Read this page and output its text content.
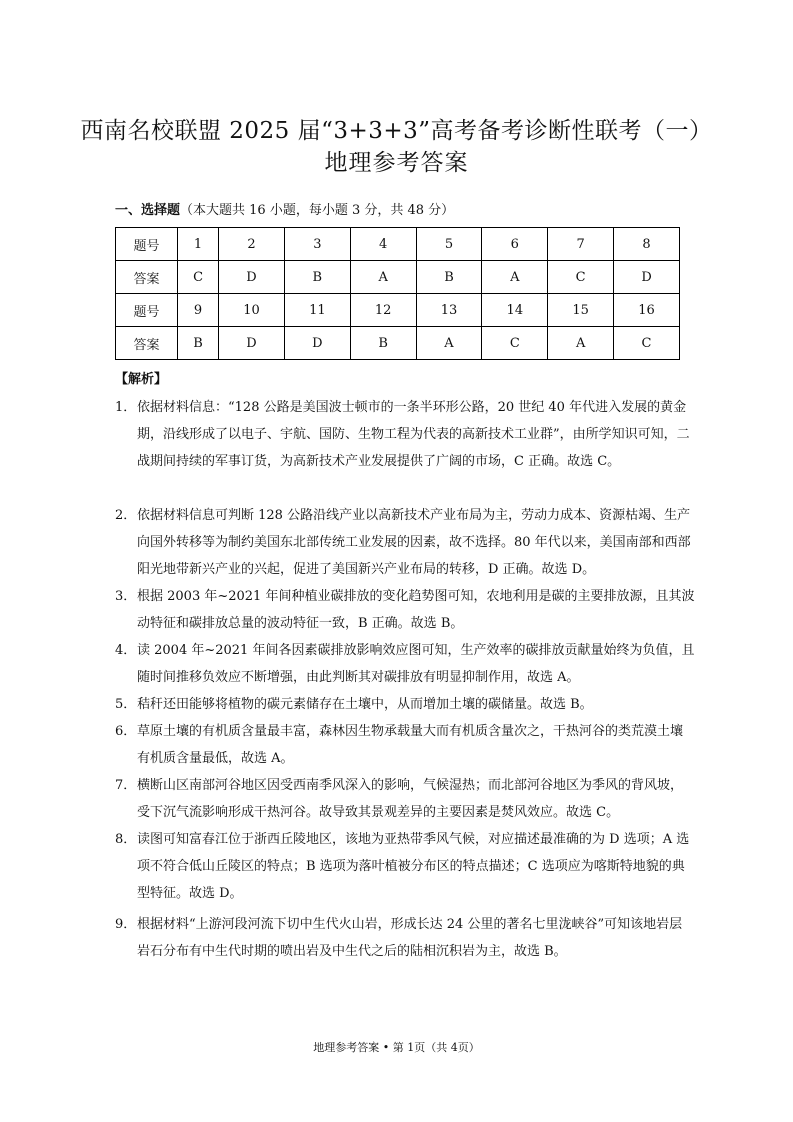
西南名校联盟 2025 届“3+3+3”高考备考诊断性联考（一）
地理参考答案
一、选择题（本大题共 16 小题，每小题 3 分，共 48 分）
题号	1	2	3	4	5	6	7	8
答案	C	D	B	A	B	A	C	D
题号	9	10	11	12	13	14	15	16
答案	B	D	D	B	A	C	A	C
【解析】
1． 依据材料信息：“128 公路是美国波士顿市的一条半环形公路，20 世纪 40 年代进入发展的黄金期，沿线形成了以电子、宇航、国防、生物工程为代表的高新技术工业群”，由所学知识可知，二战期间持续的军事订货，为高新技术产业发展提供了广阔的市场，C 正确。故选 C。
2． 依据材料信息可判断 128 公路沿线产业以高新技术产业布局为主，劳动力成本、资源枯竭、生产向国外转移等为制约美国东北部传统工业发展的因素，故不选择。80 年代以来，美国南部和西部阳光地带新兴产业的兴起，促进了美国新兴产业布局的转移，D 正确。故选 D。
3． 根据 2003 年~2021 年间种植业碳排放的变化趋势图可知，农地利用是碳的主要排放源，且其波动特征和碳排放总量的波动特征一致，B 正确。故选 B。
4． 读 2004 年~2021 年间各因素碳排放影响效应图可知，生产效率的碳排放贡献量始终为负值，且随时间推移负效应不断增强，由此判断其对碳排放有明显抑制作用，故选 A。
5． 秸秆还田能够将植物的碳元素储存在土壤中，从而增加土壤的碳储量。故选 B。
6． 草原土壤的有机质含量最丰富，森林因生物承载量大而有机质含量次之，干热河谷的类荒漠土壤有机质含量最低，故选 A。
7． 横断山区南部河谷地区因受西南季风深入的影响，气候湿热；而北部河谷地区为季风的背风坡，受下沉气流影响形成干热河谷。故导致其景观差异的主要因素是焚风效应。故选 C。
8． 读图可知富春江位于浙西丘陵地区，该地为亚热带季风气候，对应描述最准确的为 D 选项；A 选项不符合低山丘陵区的特点；B 选项为落叶植被分布区的特点描述；C 选项应为喀斯特地貌的典型特征。故选 D。
9． 根据材料“上游河段河流下切中生代火山岩，形成长达 24 公里的著名七里泷峡谷”可知该地岩层岩石分布有中生代时期的喷出岩及中生代之后的陆相沉积岩为主，故选 B。
地理参考答案 • 第 1页（共 4页）
